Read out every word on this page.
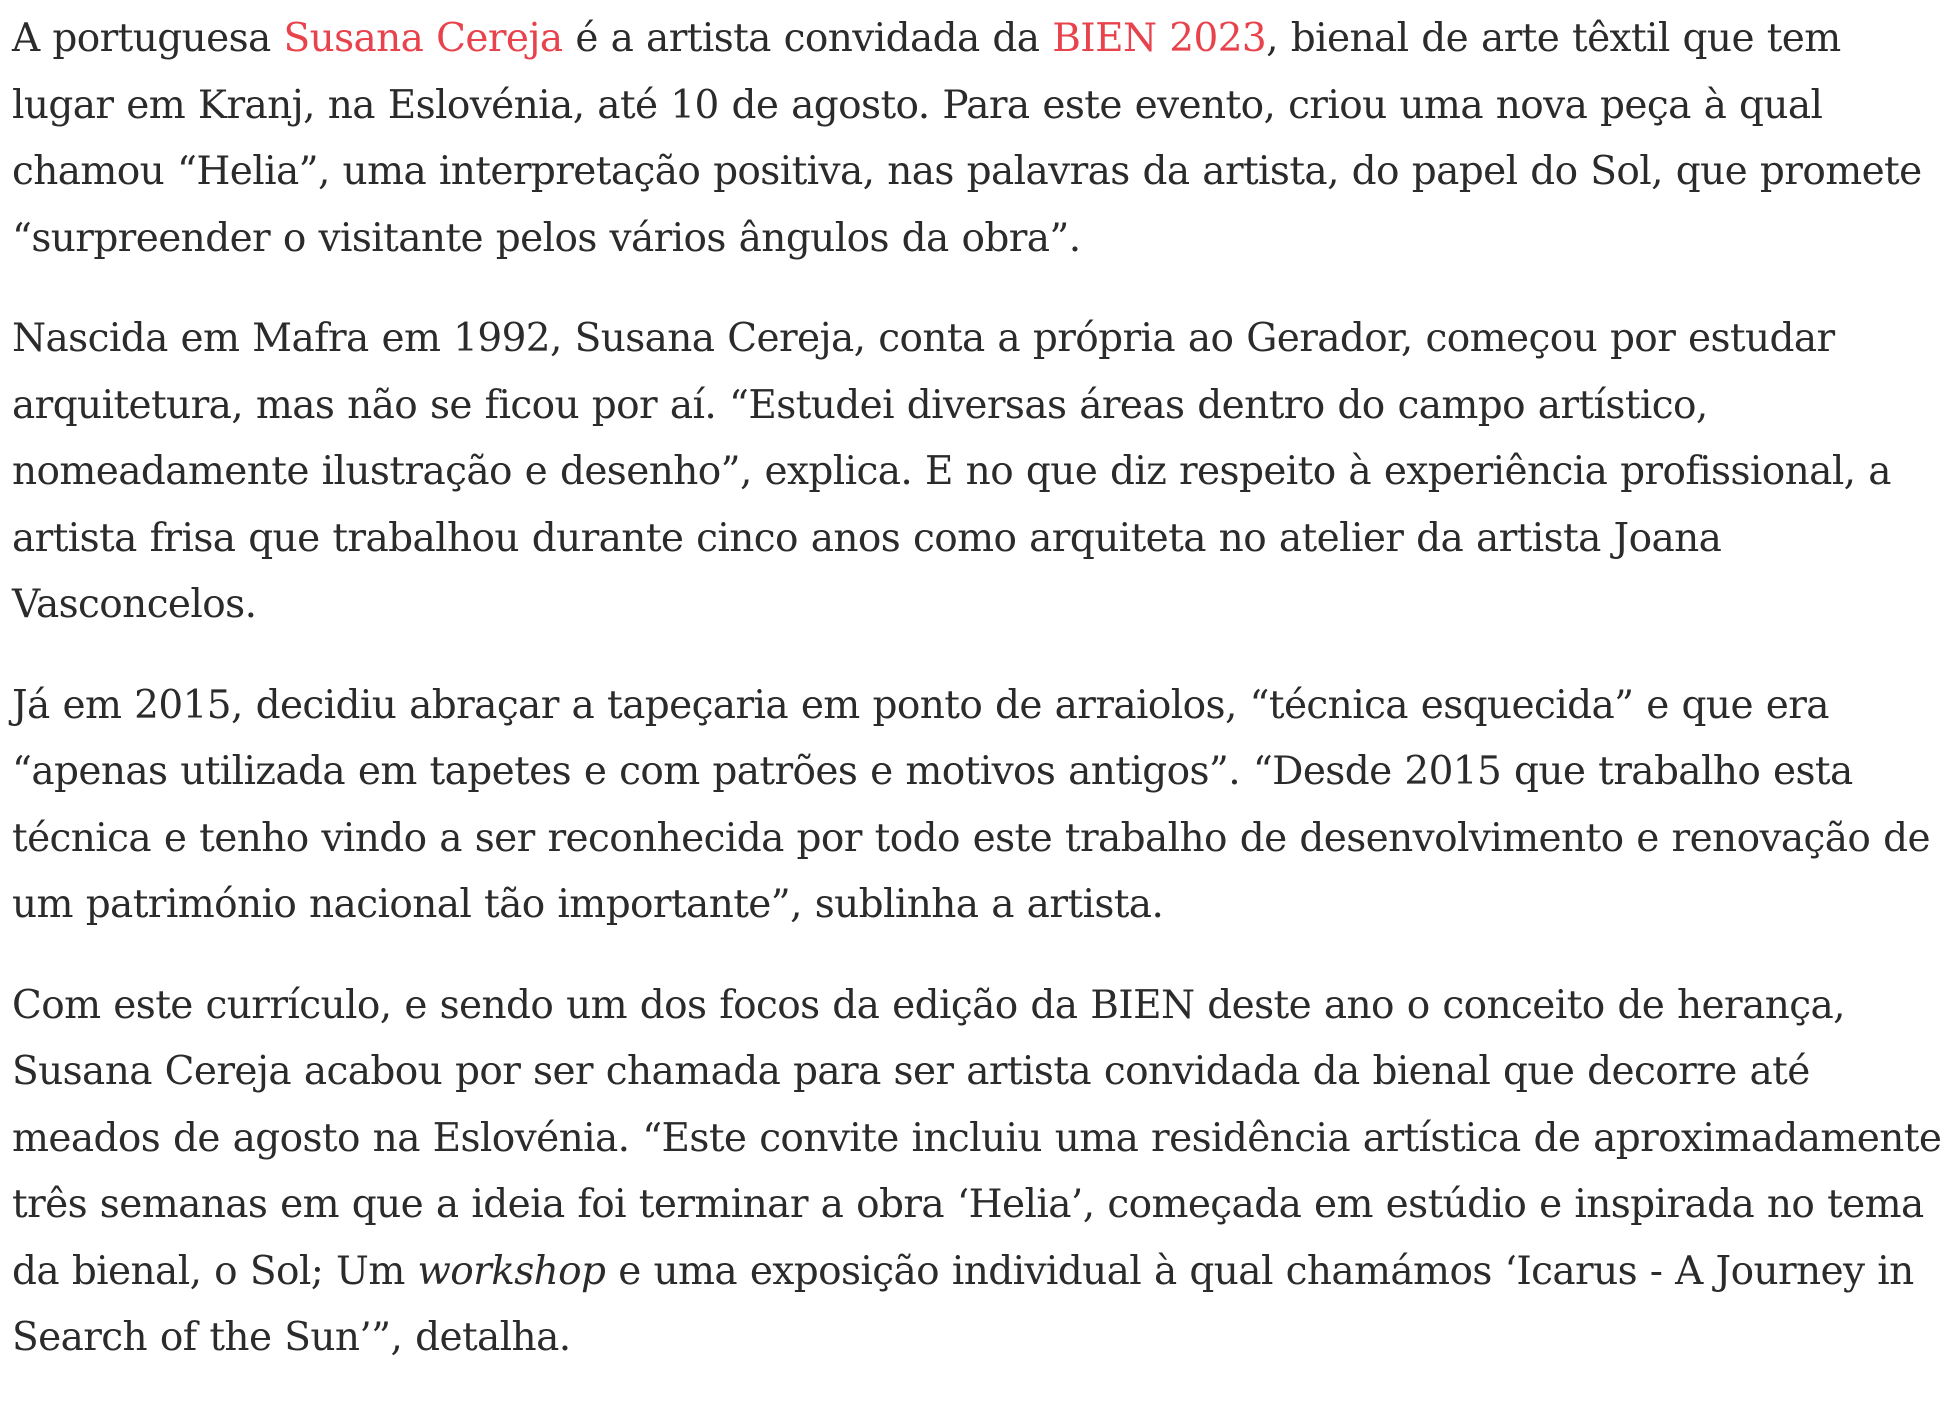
A portuguesa Susana Cereja é a artista convidada da BIEN 2023, bienal de arte têxtil que tem lugar em Kranj, na Eslovénia, até 10 de agosto. Para este evento, criou uma nova peça à qual chamou “Helia”, uma interpretação positiva, nas palavras da artista, do papel do Sol, que promete “surpreender o visitante pelos vários ângulos da obra”.

Nascida em Mafra em 1992, Susana Cereja, conta a própria ao Gerador, começou por estudar arquitetura, mas não se ficou por aí. “Estudei diversas áreas dentro do campo artístico, nomeadamente ilustração e desenho”, explica. E no que diz respeito à experiência profissional, a artista frisa que trabalhou durante cinco anos como arquiteta no atelier da artista Joana Vasconcelos.

Já em 2015, decidiu abraçar a tapeçaria em ponto de arraiolos, “técnica esquecida” e que era “apenas utilizada em tapetes e com patrões e motivos antigos”. “Desde 2015 que trabalho esta técnica e tenho vindo a ser reconhecida por todo este trabalho de desenvolvimento e renovação de um património nacional tão importante”, sublinha a artista.

Com este currículo, e sendo um dos focos da edição da BIEN deste ano o conceito de herança, Susana Cereja acabou por ser chamada para ser artista convidada da bienal que decorre até meados de agosto na Eslovénia. “Este convite incluiu uma residência artística de aproximadamente três semanas em que a ideia foi terminar a obra ‘Helia’, começada em estúdio e inspirada no tema da bienal, o Sol; Um workshop e uma exposição individual à qual chamámos ‘Icarus - A Journey in Search of the Sun’”, detalha.
